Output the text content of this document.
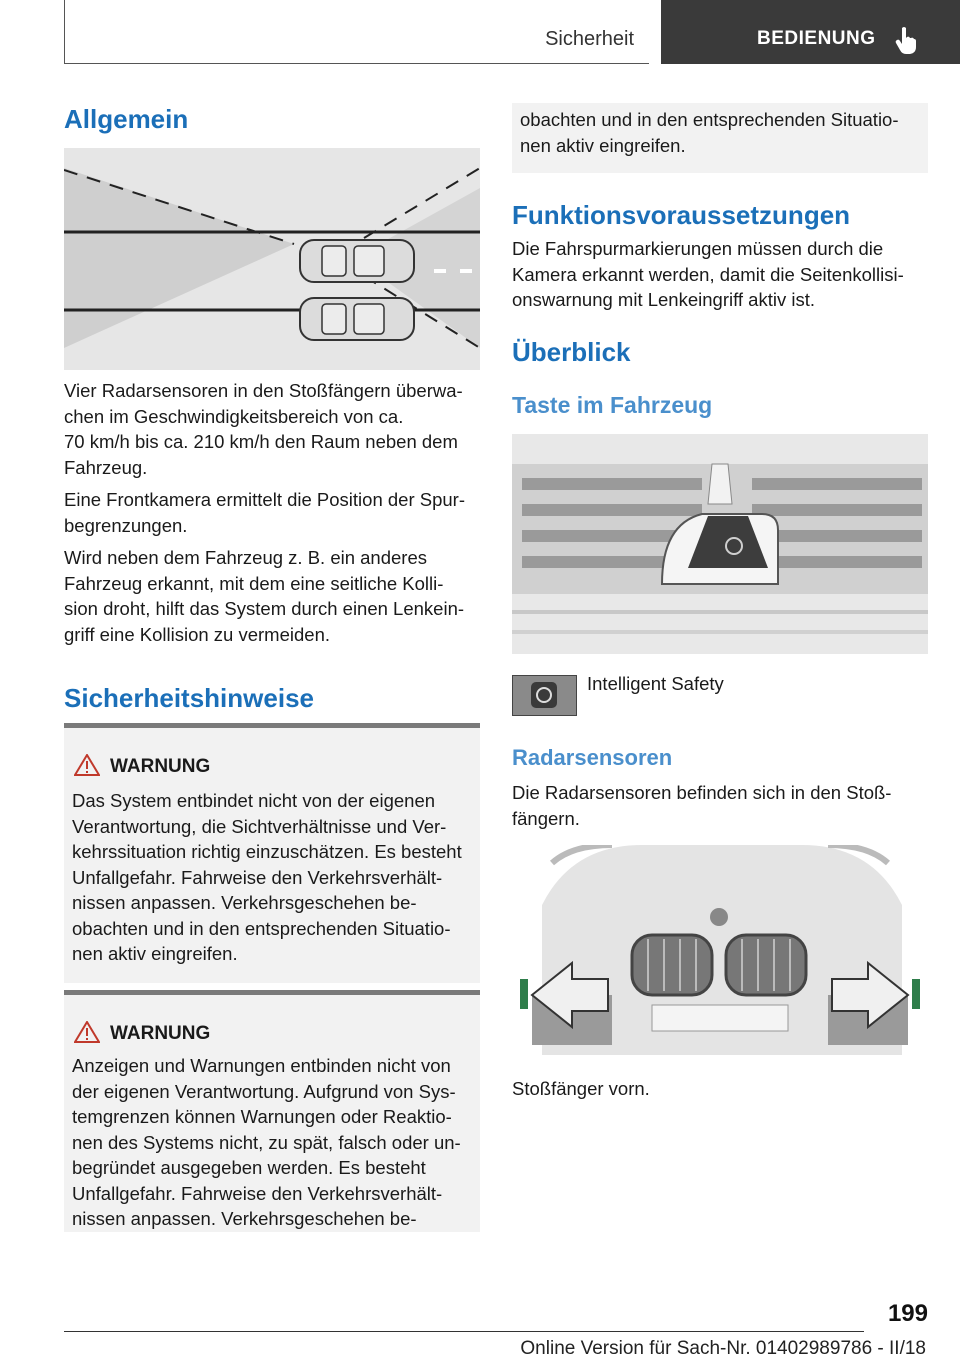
Sicherheit	BEDIENUNG
Allgemein

Vier Radarsensoren in den Stoßfängern überwa-

chen im Geschwindigkeitsbereich von ca.

70 km/h bis ca. 210 km/h den Raum neben dem

Fahrzeug.

Eine Frontkamera ermittelt die Position der Spur-

begrenzungen.

Wird neben dem Fahrzeug z. B. ein anderes

Fahrzeug erkannt, mit dem eine seitliche Kolli-

sion droht, hilft das System durch einen Lenkein-

griff eine Kollision zu vermeiden.

Sicherheitshinweise
WARNUNG

Das System entbindet nicht von der eigenen

Verantwortung, die Sichtverhältnisse und Ver-

kehrssituation richtig einzuschätzen. Es besteht

Unfallgefahr. Fahrweise den Verkehrsverhält-

nissen anpassen. Verkehrsgeschehen be-

obachten und in den entsprechenden Situatio-

nen aktiv eingreifen.

WARNUNG

Anzeigen und Warnungen entbinden nicht von

der eigenen Verantwortung. Aufgrund von Sys-

temgrenzen können Warnungen oder Reaktio-

nen des Systems nicht, zu spät, falsch oder un-

begründet ausgegeben werden. Es besteht

Unfallgefahr. Fahrweise den Verkehrsverhält-

nissen anpassen. Verkehrsgeschehen be-

obachten und in den entsprechenden Situatio-

nen aktiv eingreifen.

Funktionsvoraussetzungen

Die Fahrspurmarkierungen müssen durch die

Kamera erkannt werden, damit die Seitenkollisi-

onswarnung mit Lenkeingriff aktiv ist.

Überblick
Taste im Fahrzeug
Intelligent Safety
Radarsensoren

Die Radarsensoren befinden sich in den Stoß-

fängern.

Stoßfänger vorn.
199
Online Version für Sach-Nr. 01402989786 - II/18
